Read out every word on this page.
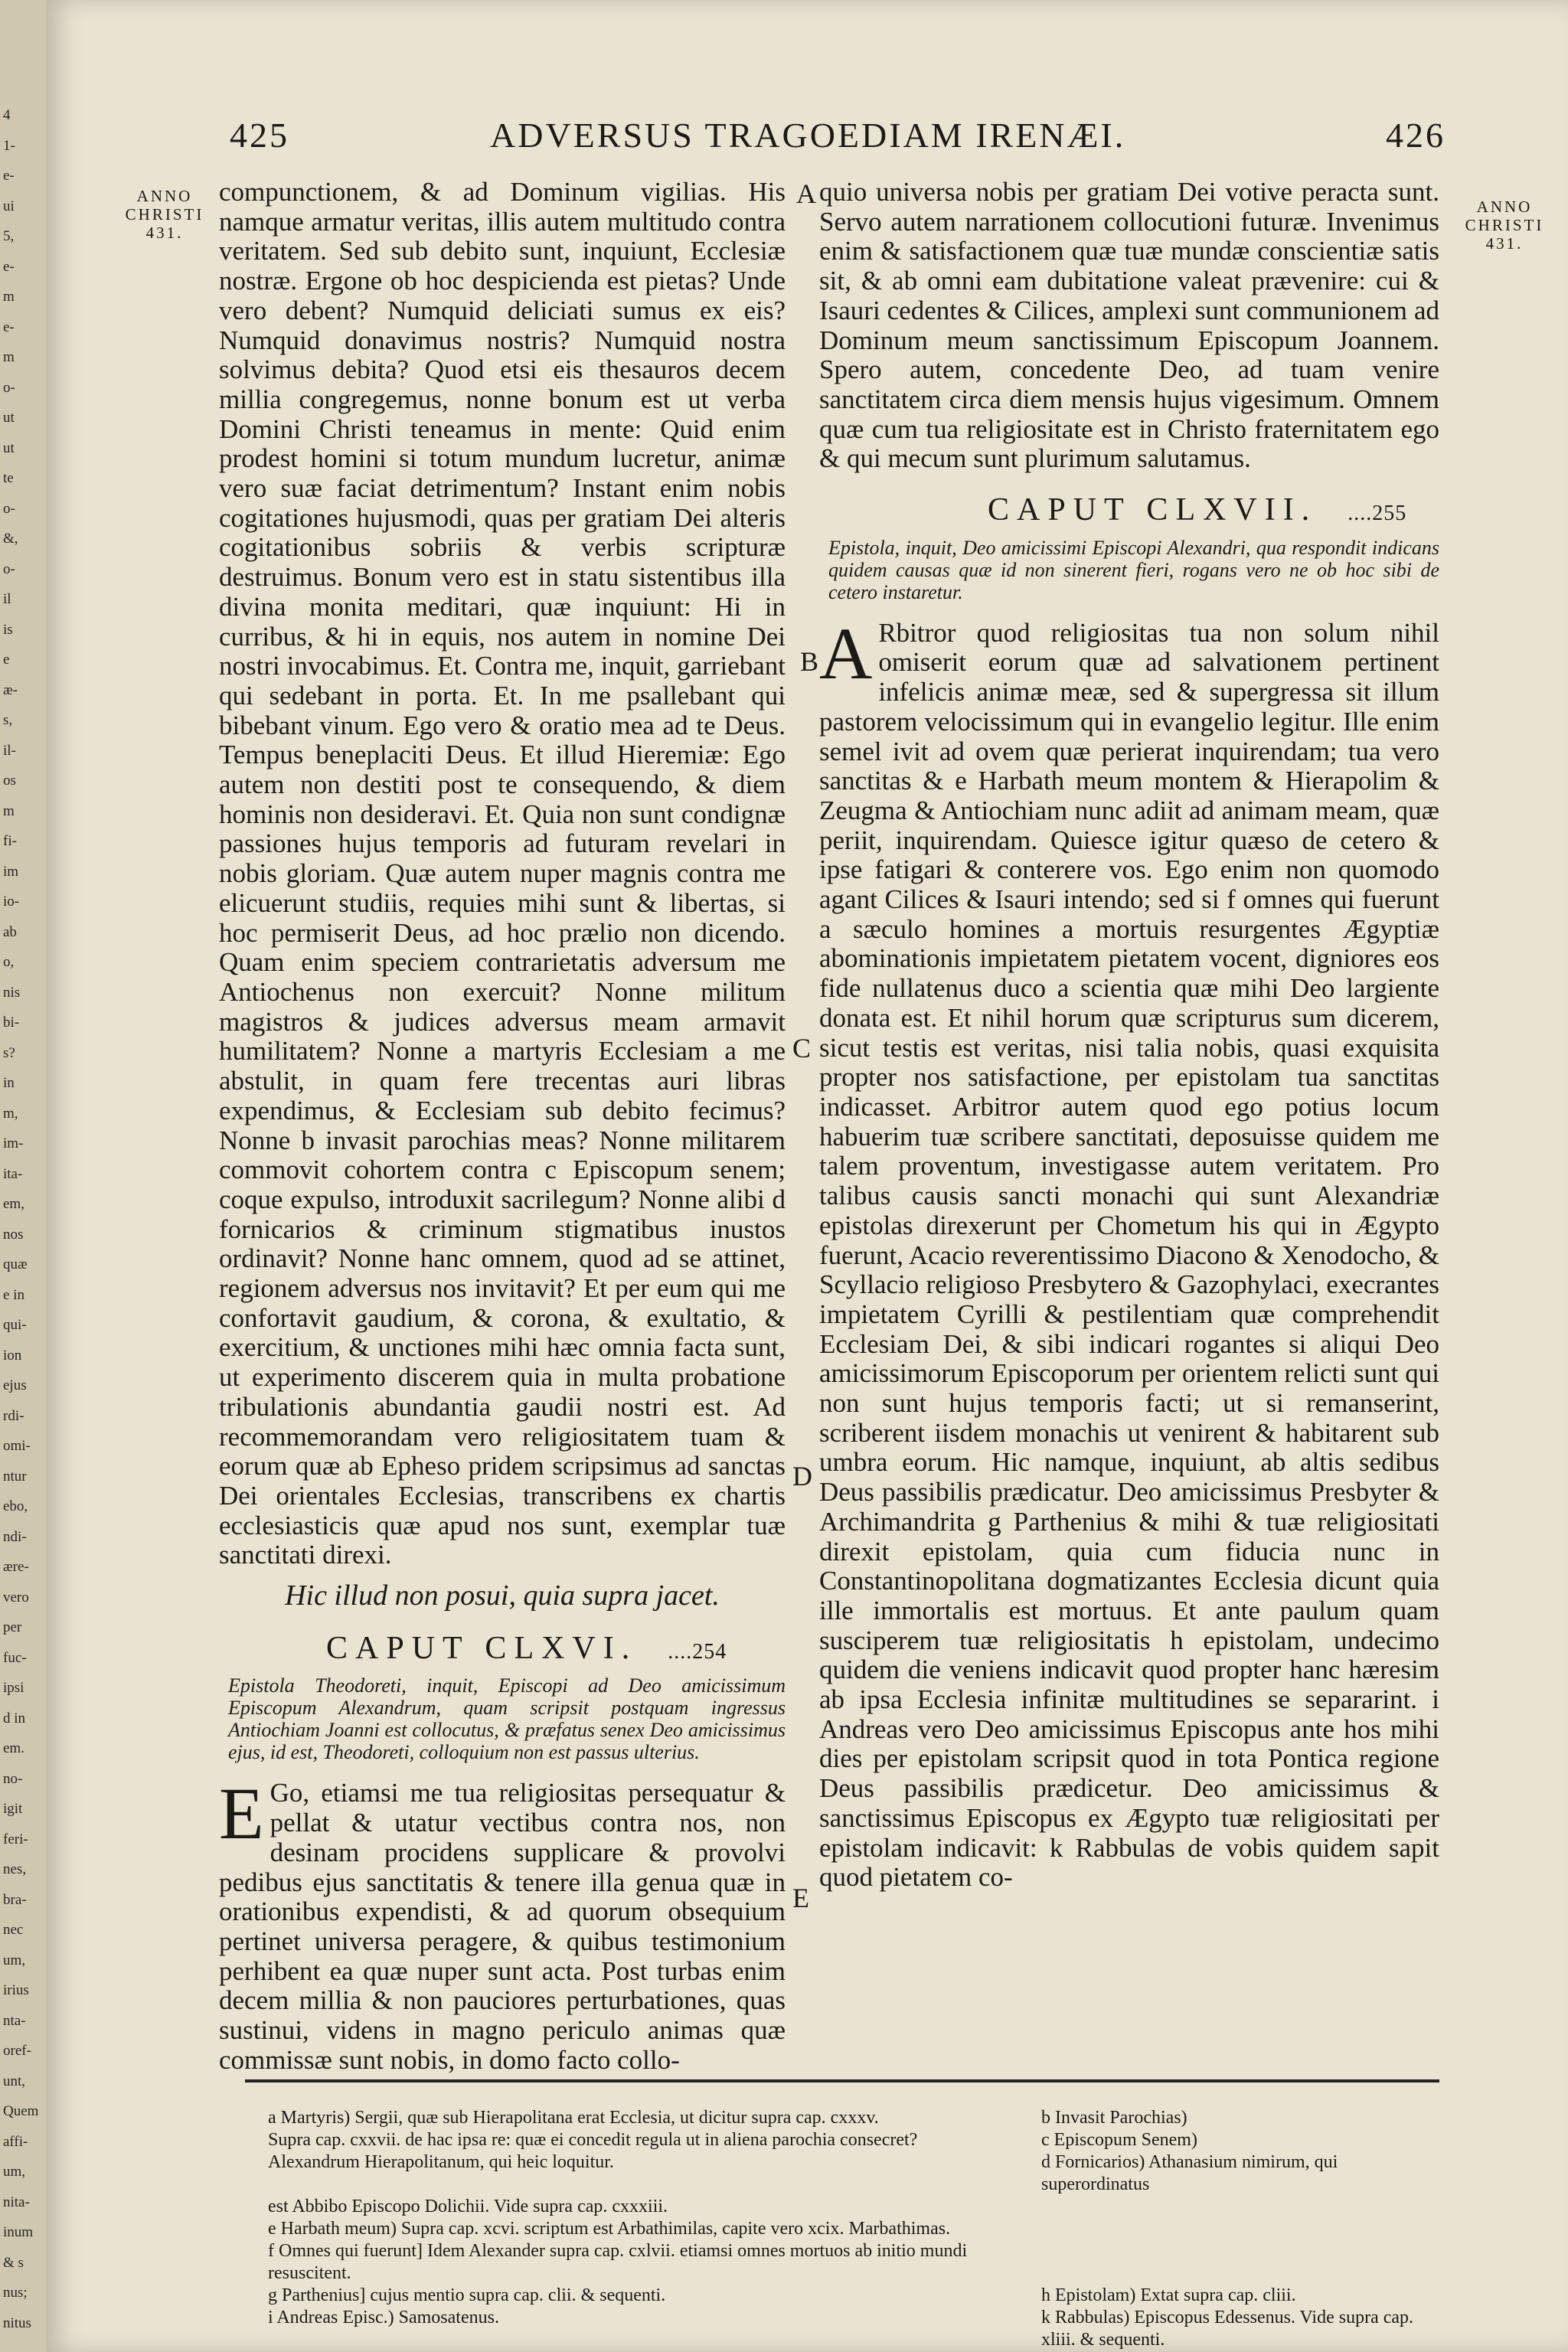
4
1-
e-
ui
5,
e-
m
e-
m
o-
ut
ut
te
o-
&,
o-
il
is
e
æ-
s,
il-
os
m
fi-
im
io-
ab
o,
nis
bi-
s?
in
m,
im-
ita-
em,
nos
quæ
e in
qui-
ion
ejus
rdi-
omi-
ntur
ebo,
ndi-
ære-
vero
per
fuc-
ipsi
d in
em.
no-
igit
feri-
nes,
bra-
nec
um,
irius
nta-
oref-
unt,
Quem
affi-
um,
nita-
inum
& s
nus;
nitus
425	ADVERSUS TRAGOEDIAM IRENÆI.	426
ANNO
CHRISTI
431.
ANNO
CHRISTI
431.
A
B
C
D
E

compunctionem, & ad Dominum vigilias. His namque armatur veritas, illis autem multitudo contra veritatem. Sed sub debito sunt, inquiunt, Ecclesiæ nostræ. Ergone ob hoc despicienda est pietas? Unde vero debent? Numquid deliciati sumus ex eis? Numquid donavimus nostris? Numquid nostra solvimus debita? Quod etsi eis thesauros decem millia congregemus, nonne bonum est ut verba Domini Christi teneamus in mente: Quid enim prodest homini si totum mundum lucretur, animæ vero suæ faciat detrimentum? Instant enim nobis cogitationes hujusmodi, quas per gratiam Dei alteris cogitationibus sobriis & verbis scripturæ destruimus. Bonum vero est in statu sistentibus illa divina monita meditari, quæ inquiunt: Hi in curribus, & hi in equis, nos autem in nomine Dei nostri invocabimus. Et. Contra me, inquit, garriebant qui sedebant in porta. Et. In me psallebant qui bibebant vinum. Ego vero & oratio mea ad te Deus. Tempus beneplaciti Deus. Et illud Hieremiæ: Ego autem non destiti post te consequendo, & diem hominis non desideravi. Et. Quia non sunt condignæ passiones hujus temporis ad futuram revelari in nobis gloriam. Quæ autem nuper magnis contra me elicuerunt studiis, requies mihi sunt & libertas, si hoc permiserit Deus, ad hoc prælio non dicendo. Quam enim speciem contrarietatis adversum me Antiochenus non exercuit? Nonne militum magistros & judices adversus meam armavit humilitatem? Nonne a martyris Ecclesiam a me abstulit, in quam fere trecentas auri libras expendimus, & Ecclesiam sub debito fecimus? Nonne b invasit parochias meas? Nonne militarem commovit cohortem contra c Episcopum senem; coque expulso, introduxit sacrilegum? Nonne alibi d fornicarios & criminum stigmatibus inustos ordinavit? Nonne hanc omnem, quod ad se attinet, regionem adversus nos invitavit? Et per eum qui me confortavit gaudium, & corona, & exultatio, & exercitium, & unctiones mihi hæc omnia facta sunt, ut experimento discerem quia in multa probatione tribulationis abundantia gaudii nostri est. Ad recommemorandam vero religiositatem tuam & eorum quæ ab Epheso pridem scripsimus ad sanctas Dei orientales Ecclesias, transcribens ex chartis ecclesiasticis quæ apud nos sunt, exemplar tuæ sanctitati direxi.

Hic illud non posui, quia supra jacet.
CAPUT CLXVI. ....254
Epistola Theodoreti, inquit, Episcopi ad Deo amicissimum Episcopum Alexandrum, quam scripsit postquam ingressus Antiochiam Joanni est collocutus, & præfatus senex Deo amicissimus ejus, id est, Theodoreti, colloquium non est passus ulterius.

E Go, etiamsi me tua religiositas persequatur & pellat & utatur vectibus contra nos, non desinam procidens supplicare & provolvi pedibus ejus sanctitatis & tenere illa genua quæ in orationibus expendisti, & ad quorum obsequium pertinet universa peragere, & quibus testimonium perhibent ea quæ nuper sunt acta. Post turbas enim decem millia & non pauciores perturbationes, quas sustinui, videns in magno periculo animas quæ commissæ sunt nobis, in domo facto collo-

quio universa nobis per gratiam Dei votive peracta sunt. Servo autem narrationem collocutioni futuræ. Invenimus enim & satisfactionem quæ tuæ mundæ conscientiæ satis sit, & ab omni eam dubitatione valeat prævenire: cui & Isauri cedentes & Cilices, amplexi sunt communionem ad Dominum meum sanctissimum Episcopum Joannem. Spero autem, concedente Deo, ad tuam venire sanctitatem circa diem mensis hujus vigesimum. Omnem quæ cum tua religiositate est in Christo fraternitatem ego & qui mecum sunt plurimum salutamus.

CAPUT CLXVII. ....255
Epistola, inquit, Deo amicissimi Episcopi Alexandri, qua respondit indicans quidem causas quæ id non sinerent fieri, rogans vero ne ob hoc sibi de cetero instaretur.

A Rbitror quod religiositas tua non solum nihil omiserit eorum quæ ad salvationem pertinent infelicis animæ meæ, sed & supergressa sit illum pastorem velocissimum qui in evangelio legitur. Ille enim semel ivit ad ovem quæ perierat inquirendam; tua vero sanctitas & e Harbath meum montem & Hierapolim & Zeugma & Antiochiam nunc adiit ad animam meam, quæ periit, inquirendam. Quiesce igitur quæso de cetero & ipse fatigari & conterere vos. Ego enim non quomodo agant Cilices & Isauri intendo; sed si f omnes qui fuerunt a sæculo homines a mortuis resurgentes Ægyptiæ abominationis impietatem pietatem vocent, digniores eos fide nullatenus duco a scientia quæ mihi Deo largiente donata est. Et nihil horum quæ scripturus sum dicerem, sicut testis est veritas, nisi talia nobis, quasi exquisita propter nos satisfactione, per epistolam tua sanctitas indicasset. Arbitror autem quod ego potius locum habuerim tuæ scribere sanctitati, deposuisse quidem me talem proventum, investigasse autem veritatem. Pro talibus causis sancti monachi qui sunt Alexandriæ epistolas direxerunt per Chometum his qui in Ægypto fuerunt, Acacio reverentissimo Diacono & Xenodocho, & Scyllacio religioso Presbytero & Gazophylaci, execrantes impietatem Cyrilli & pestilentiam quæ comprehendit Ecclesiam Dei, & sibi indicari rogantes si aliqui Deo amicissimorum Episcoporum per orientem relicti sunt qui non sunt hujus temporis facti; ut si remanserint, scriberent iisdem monachis ut venirent & habitarent sub umbra eorum. Hic namque, inquiunt, ab altis sedibus Deus passibilis prædicatur. Deo amicissimus Presbyter & Archimandrita g Parthenius & mihi & tuæ religiositati direxit epistolam, quia cum fiducia nunc in Constantinopolitana dogmatizantes Ecclesia dicunt quia ille immortalis est mortuus. Et ante paulum quam susciperem tuæ religiositatis h epistolam, undecimo quidem die veniens indicavit quod propter hanc hæresim ab ipsa Ecclesia infinitæ multitudines se separarint. i Andreas vero Deo amicissimus Episcopus ante hos mihi dies per epistolam scripsit quod in tota Pontica regione Deus passibilis prædicetur. Deo amicissimus & sanctissimus Episcopus ex Ægypto tuæ religiositati per epistolam indicavit: k Rabbulas de vobis quidem sapit quod pietatem co-

a Martyris) Sergii, quæ sub Hierapolitana erat Ecclesia, ut dicitur supra cap. cxxxv.	b Invasit Parochias)
Supra cap. cxxvii. de hac ipsa re: quæ ei concedit regula ut in aliena parochia consecret?	c Episcopum Senem)
Alexandrum Hierapolitanum, qui heic loquitur.	d Fornicarios) Athanasium nimirum, qui superordinatus
est Abbibo Episcopo Dolichii. Vide supra cap. cxxxiii.
e Harbath meum) Supra cap. xcvi. scriptum est Arbathimilas, capite vero xcix. Marbathimas.
f Omnes qui fuerunt] Idem Alexander supra cap. cxlvii. etiamsi omnes mortuos ab initio mundi resuscitent.
g Parthenius] cujus mentio supra cap. clii. & sequenti.	h Epistolam) Extat supra cap. cliii.
i Andreas Episc.) Samosatenus.	k Rabbulas) Episcopus Edessenus. Vide supra cap. xliii. & sequenti.
